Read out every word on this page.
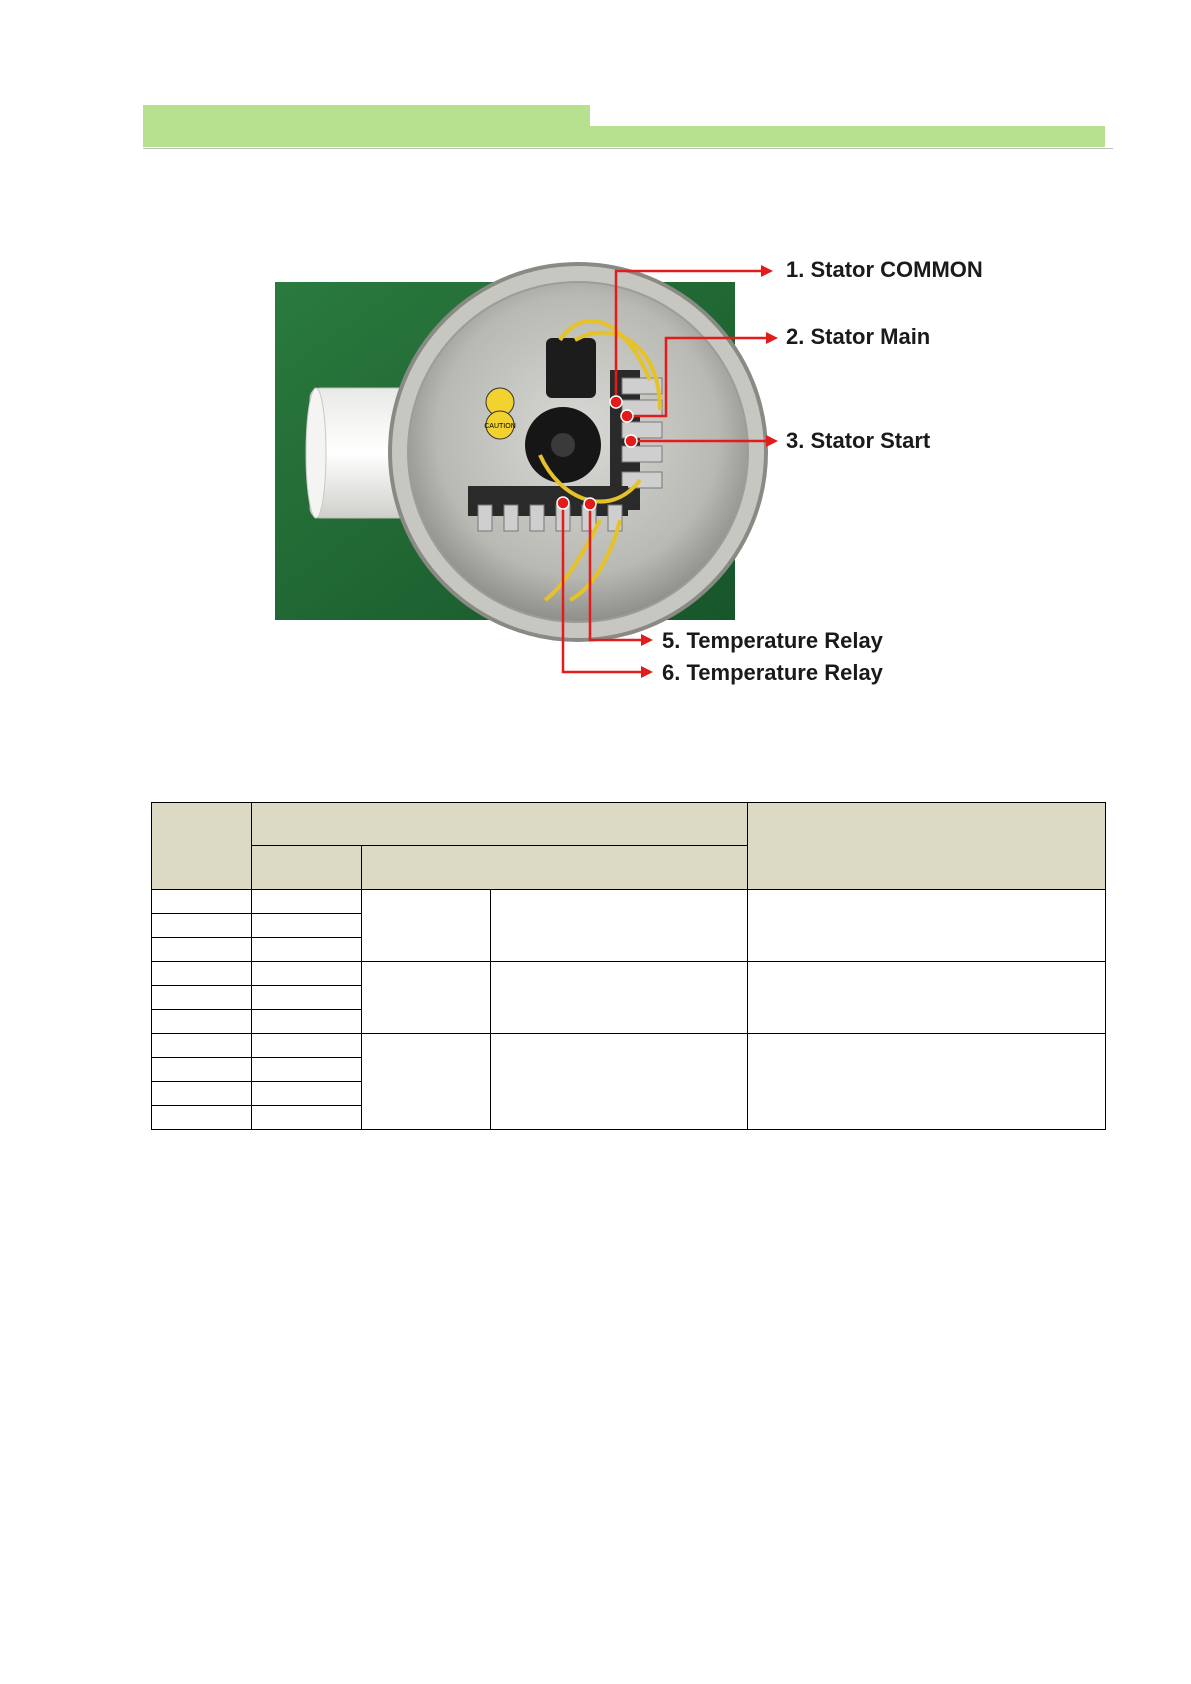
CAUTION
1. Stator COMMON
2. Stator Main
3. Stator Start
5. Temperature Relay
6. Temperature Relay
